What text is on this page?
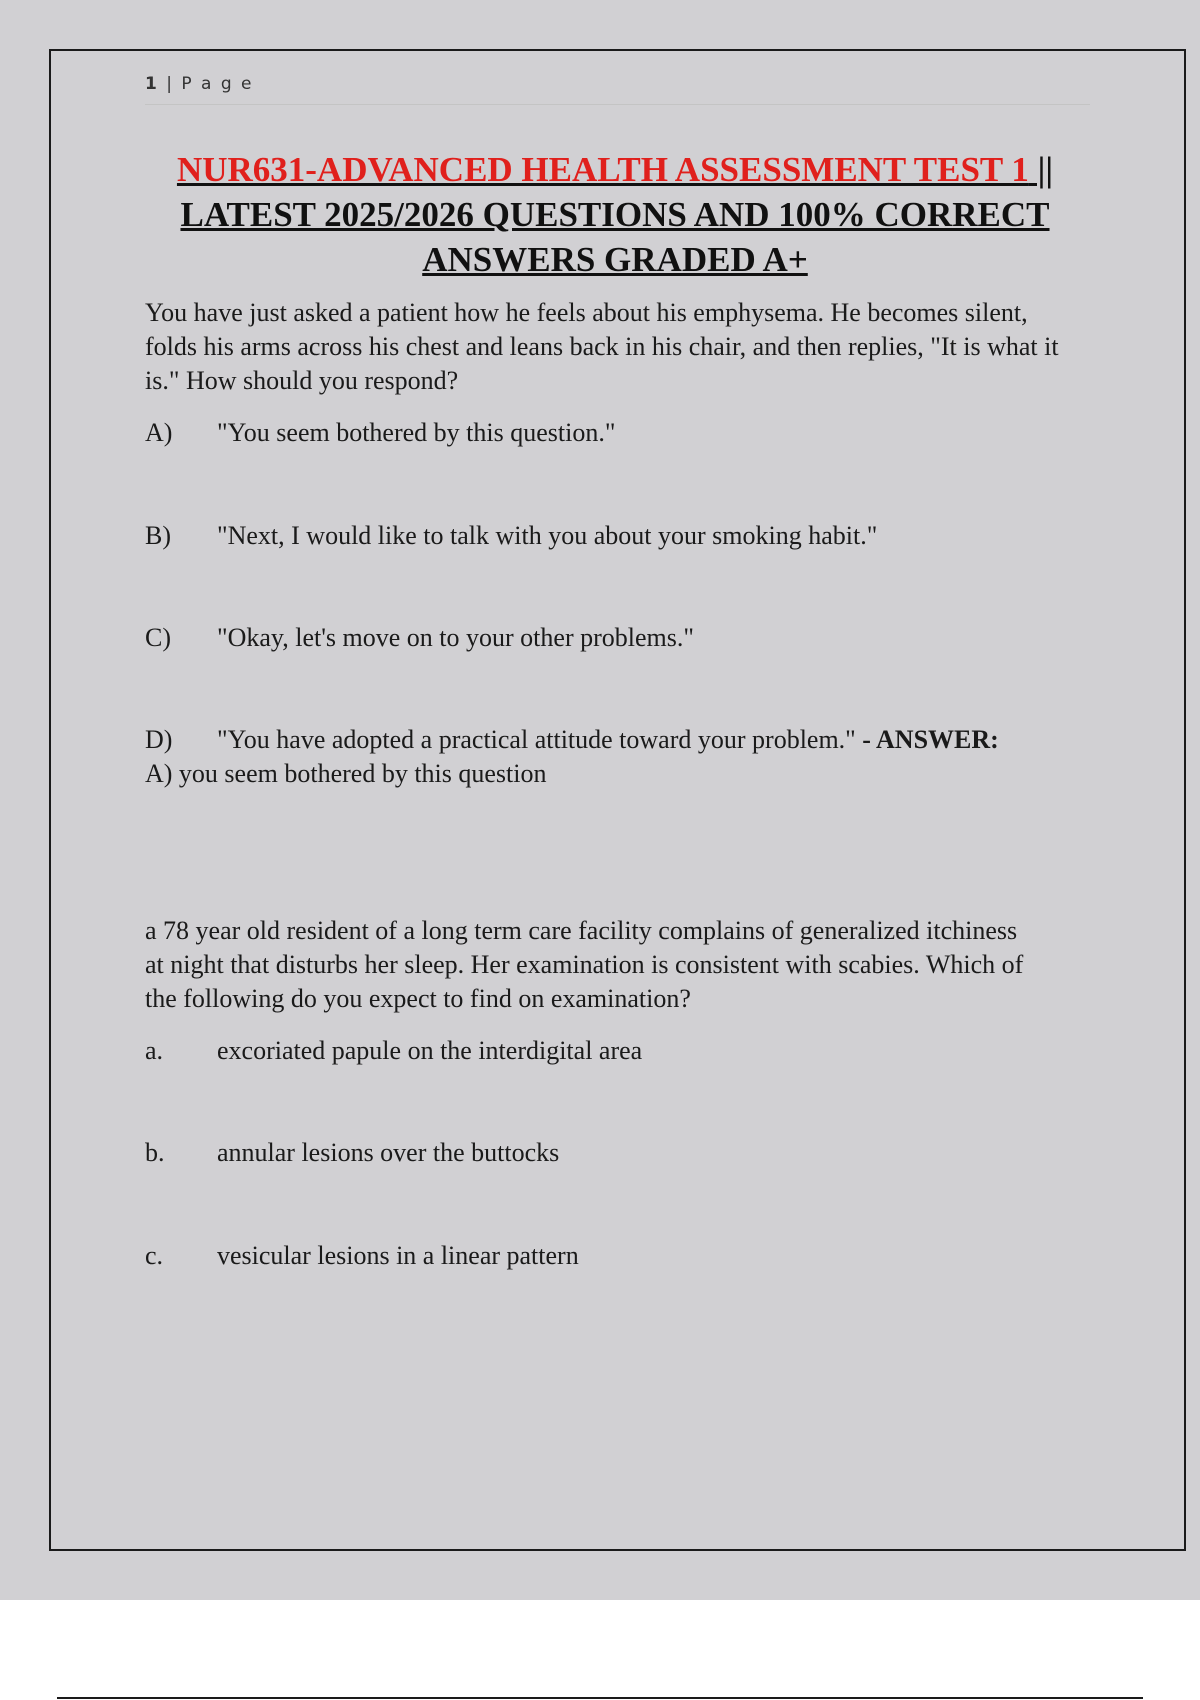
1 | P a g e
NUR631-ADVANCED HEALTH ASSESSMENT TEST 1 ||
LATEST 2025/2026 QUESTIONS AND 100% CORRECT
ANSWERS GRADED A+
You have just asked a patient how he feels about his emphysema. He becomes silent, folds his arms across his chest and leans back in his chair, and then replies, "It is what it is." How should you respond?
A) "You seem bothered by this question."
B) "Next, I would like to talk with you about your smoking habit."
C) "Okay, let's move on to your other problems."
D) "You have adopted a practical attitude toward your problem." - ANSWER:
A) you seem bothered by this question
a 78 year old resident of a long term care facility complains of generalized itchiness at night that disturbs her sleep. Her examination is consistent with scabies. Which of the following do you expect to find on examination?
a. excoriated papule on the interdigital area
b. annular lesions over the buttocks
c. vesicular lesions in a linear pattern
